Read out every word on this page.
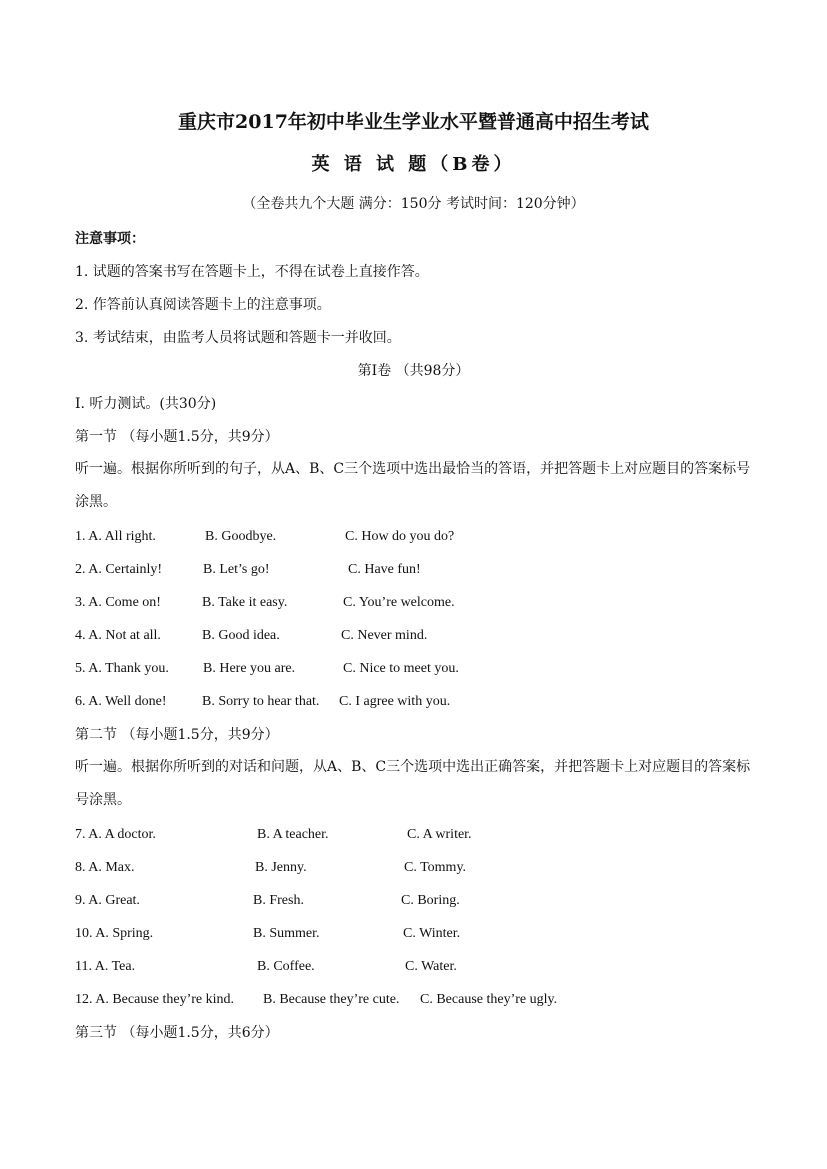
重庆市2017年初中毕业生学业水平暨普通高中招生考试
英 语 试 题（B卷）
（全卷共九个大题 满分：150分 考试时间：120分钟）
注意事项：
1. 试题的答案书写在答题卡上，不得在试卷上直接作答。
2. 作答前认真阅读答题卡上的注意事项。
3. 考试结束，由监考人员将试题和答题卡一并收回。
第I卷 （共98分）
I. 听力测试。(共30分)
第一节 （每小题1.5分，共9分）
听一遍。根据你所听到的句子，从A、B、C三个选项中选出最恰当的答语，并把答题卡上对应题目的答案标号涂黑。
1. A. All right.	B. Goodbye.	C. How do you do?
2. A. Certainly!	B. Let’s go!	C. Have fun!
3. A. Come on!	B. Take it easy.	C. You’re welcome.
4. A. Not at all.	B. Good idea.	C. Never mind.
5. A. Thank you. B. Here you are.	C. Nice to meet you.
6. A. Well done!	B. Sorry to hear that. C. I agree with you.
第二节 （每小题1.5分，共9分）
听一遍。根据你所听到的对话和问题，从A、B、C三个选项中选出正确答案，并把答题卡上对应题目的答案标号涂黑。
7. A. A doctor.	B. A teacher.	C. A writer.
8. A. Max.	B. Jenny.	C. Tommy.
9. A. Great.	B. Fresh.	C. Boring.
10. A. Spring.	B. Summer.	C. Winter.
11. A. Tea.	B. Coffee.	C. Water.
12. A. Because they’re kind. B. Because they’re cute. C. Because they’re ugly.
第三节 （每小题1.5分，共6分）
